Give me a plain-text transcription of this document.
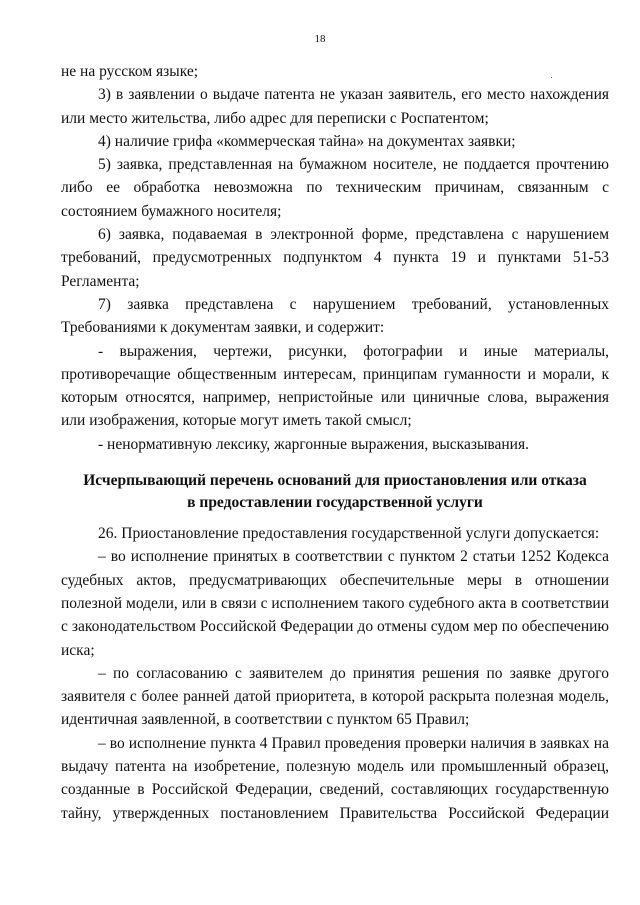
18

не на русском языке;

3) в заявлении о выдаче патента не указан заявитель, его место нахождения или место жительства, либо адрес для переписки с Роспатентом;

4) наличие грифа «коммерческая тайна» на документах заявки;

5) заявка, представленная на бумажном носителе, не поддается прочтению либо ее обработка невозможна по техническим причинам, связанным с состоянием бумажного носителя;

6) заявка, подаваемая в электронной форме, представлена с нарушением требований, предусмотренных подпунктом 4 пункта 19 и пунктами 51-53 Регламента;

7) заявка представлена с нарушением требований, установленных Требованиями к документам заявки, и содержит:

- выражения, чертежи, рисунки, фотографии и иные материалы, противоречащие общественным интересам, принципам гуманности и морали, к которым относятся, например, непристойные или циничные слова, выражения или изображения, которые могут иметь такой смысл;

- ненормативную лексику, жаргонные выражения, высказывания.

Исчерпывающий перечень оснований для приостановления или отказа
в предоставлении государственной услуги

26. Приостановление предоставления государственной услуги допускается:

– во исполнение принятых в соответствии с пунктом 2 статьи 1252 Кодекса судебных актов, предусматривающих обеспечительные меры в отношении полезной модели, или в связи с исполнением такого судебного акта в соответствии с законодательством Российской Федерации до отмены судом мер по обеспечению иска;

– по согласованию с заявителем до принятия решения по заявке другого заявителя с более ранней датой приоритета, в которой раскрыта полезная модель, идентичная заявленной, в соответствии с пунктом 65 Правил;

– во исполнение пункта 4 Правил проведения проверки наличия в заявках на выдачу патента на изобретение, полезную модель или промышленный образец, созданные в Российской Федерации, сведений, составляющих государственную тайну, утвержденных постановлением Правительства Российской Федерации
